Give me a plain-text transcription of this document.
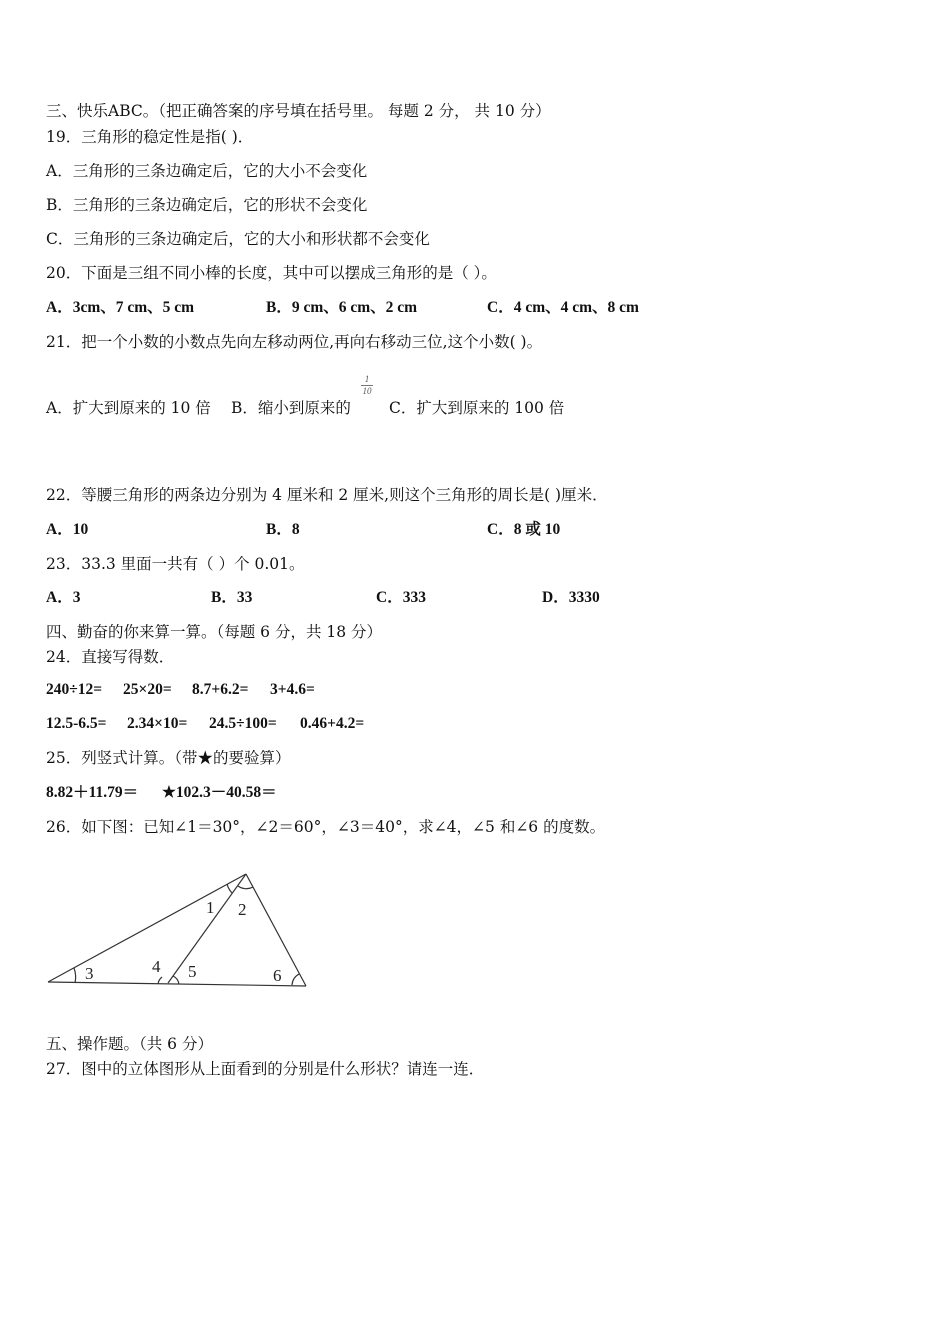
三、快乐ABC。（把正确答案的序号填在括号里。 每题 2 分， 共 10 分）
19．三角形的稳定性是指( )．
A．三角形的三条边确定后，它的大小不会变化
B．三角形的三条边确定后，它的形状不会变化
C．三角形的三条边确定后，它的大小和形状都不会变化
20．下面是三组不同小棒的长度，其中可以摆成三角形的是（ ）。
A．3cm、7 cm、5 cm	B．9 cm、6 cm、2 cm	C．4 cm、4 cm、8 cm
21．把一个小数的小数点先向左移动两位,再向右移动三位,这个小数( )。
A．扩大到原来的 10 倍 B．缩小到原来的
1
10
C．扩大到原来的 100 倍
22．等腰三角形的两条边分别为 4 厘米和 2 厘米,则这个三角形的周长是( )厘米．
A．10	B．8	C．8 或 10
23．33.3 里面一共有（ ）个 0.01。
A．3	B．33	C．333	D．3330
四、勤奋的你来算一算。（每题 6 分，共 18 分）
24．直接写得数．
240÷12= 25×20= 8.7+6.2= 3+4.6=
12.5-6.5= 2.34×10= 24.5÷100= 0.46+4.2=
25．列竖式计算。（带★的要验算）
8.82＋11.79＝ ★102.3－40.58＝
26．如下图：已知∠1＝30°，∠2＝60°，∠3＝40°，求∠4，∠5 和∠6 的度数。
1 2
3	4 5	6
五、操作题。（共 6 分）
27．图中的立体图形从上面看到的分别是什么形状？请连一连．
